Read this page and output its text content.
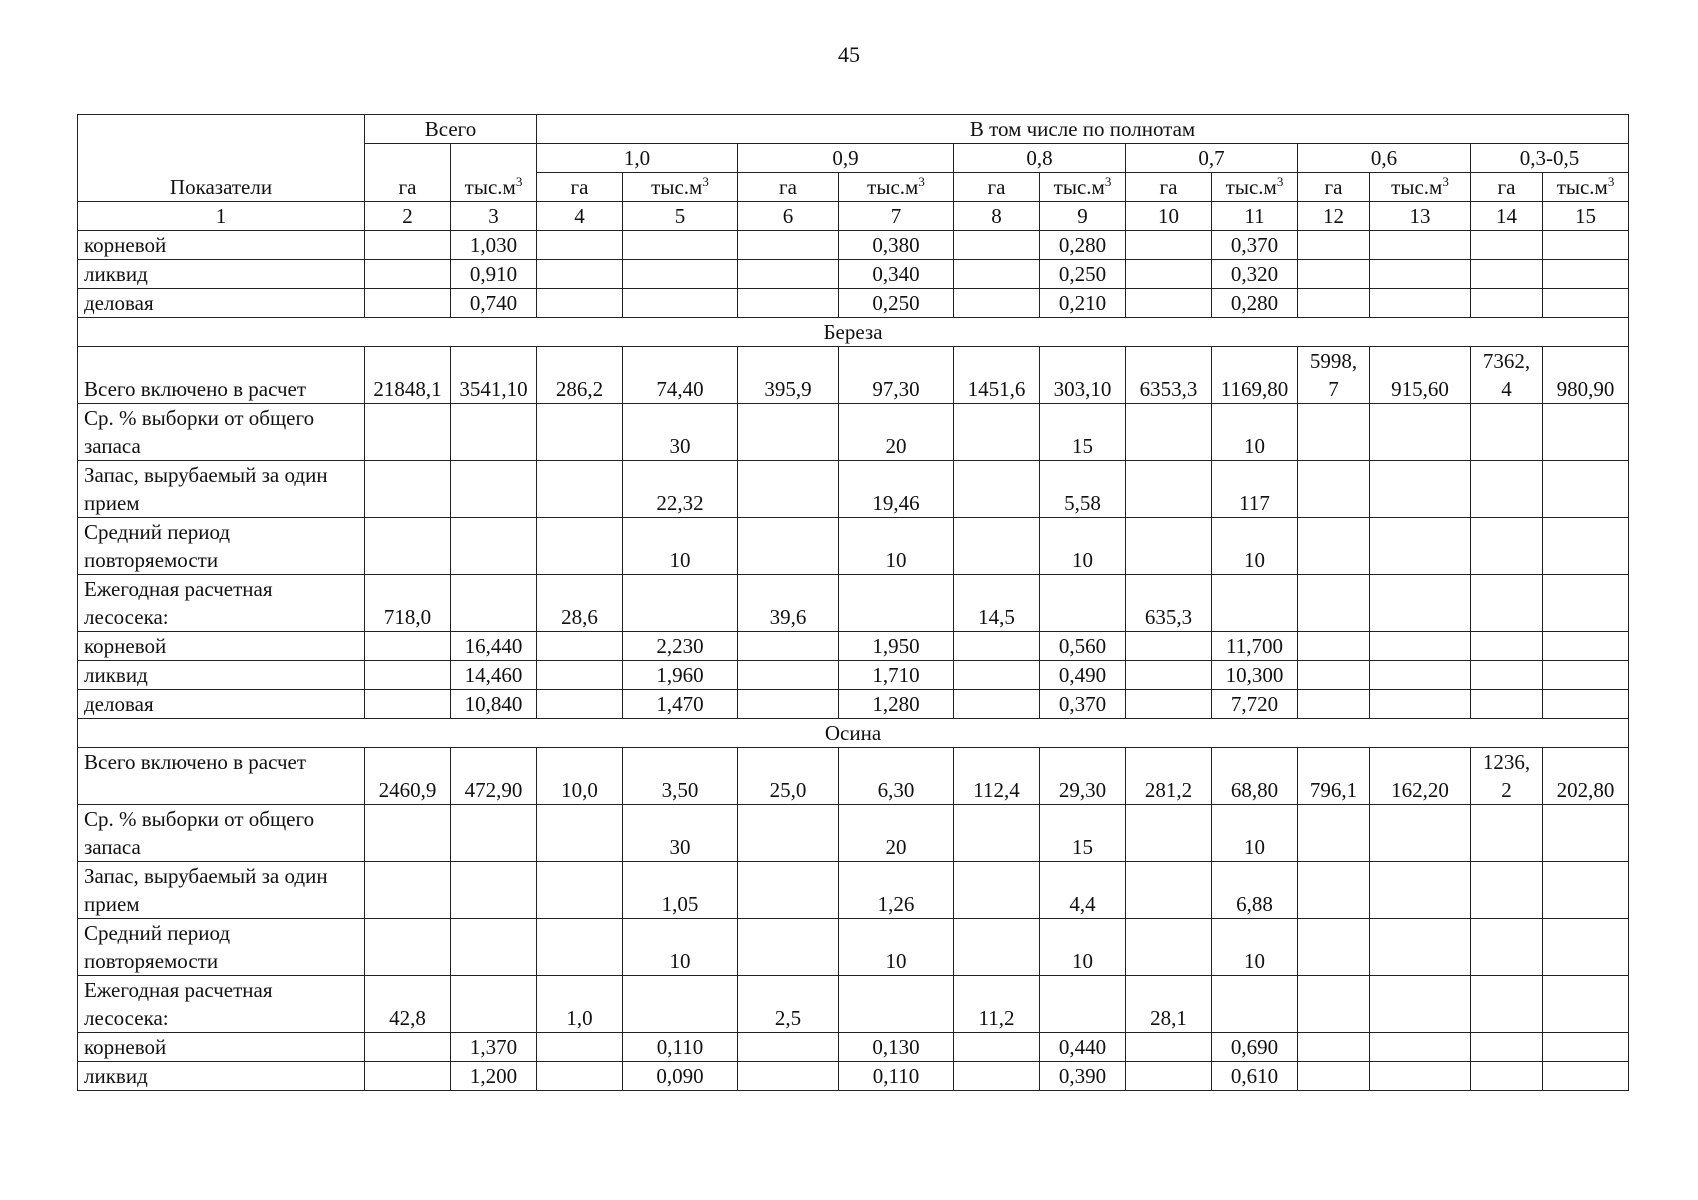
45
Показатели	Всего		В том числе по полнотам											
	га	$тыс.м^3$	1,0		0,9		0,8		0,7		0,6		0,3-0,5	
			га	$тыс.м^3$	га	$тыс.м^3$	га	$тыс.м^3$	га	$тыс.м^3$	га	$тыс.м^3$	га	$тыс.м^3$
1	2	3	4	5	6	7	8	9	10	11	12	13	14	15
корневой		1,030				0,380		0,280		0,370				
ликвид		0,910				0,340		0,250		0,320				
деловая		0,740				0,250		0,210		0,280				
Береза														
Всего включено в расчет	21848,1	3541,10	286,2	74,40	395,9	97,30	1451,6	303,10	6353,3	1169,80	5998,7	915,60	7362,4	980,90
Ср. % выборки от общего запаса				30		20		15		10				
Запас, вырубаемый за один прием				22,32		19,46		5,58		117				
Средний период повторяемости				10		10		10		10				
Ежегодная расчетная лесосека:	718,0		28,6		39,6		14,5		635,3					
корневой		16,440		2,230		1,950		0,560		11,700				
ликвид		14,460		1,960		1,710		0,490		10,300				
деловая		10,840		1,470		1,280		0,370		7,720				
Осина														
Всего включено в расчет	2460,9	472,90	10,0	3,50	25,0	6,30	112,4	29,30	281,2	68,80	796,1	162,20	1236,2	202,80
Ср. % выборки от общего запаса				30		20		15		10				
Запас, вырубаемый за один прием				1,05		1,26		4,4		6,88				
Средний период повторяемости				10		10		10		10				
Ежегодная расчетная лесосека:	42,8		1,0		2,5		11,2		28,1					
корневой		1,370		0,110		0,130		0,440		0,690				
ликвид		1,200		0,090		0,110		0,390		0,610				
